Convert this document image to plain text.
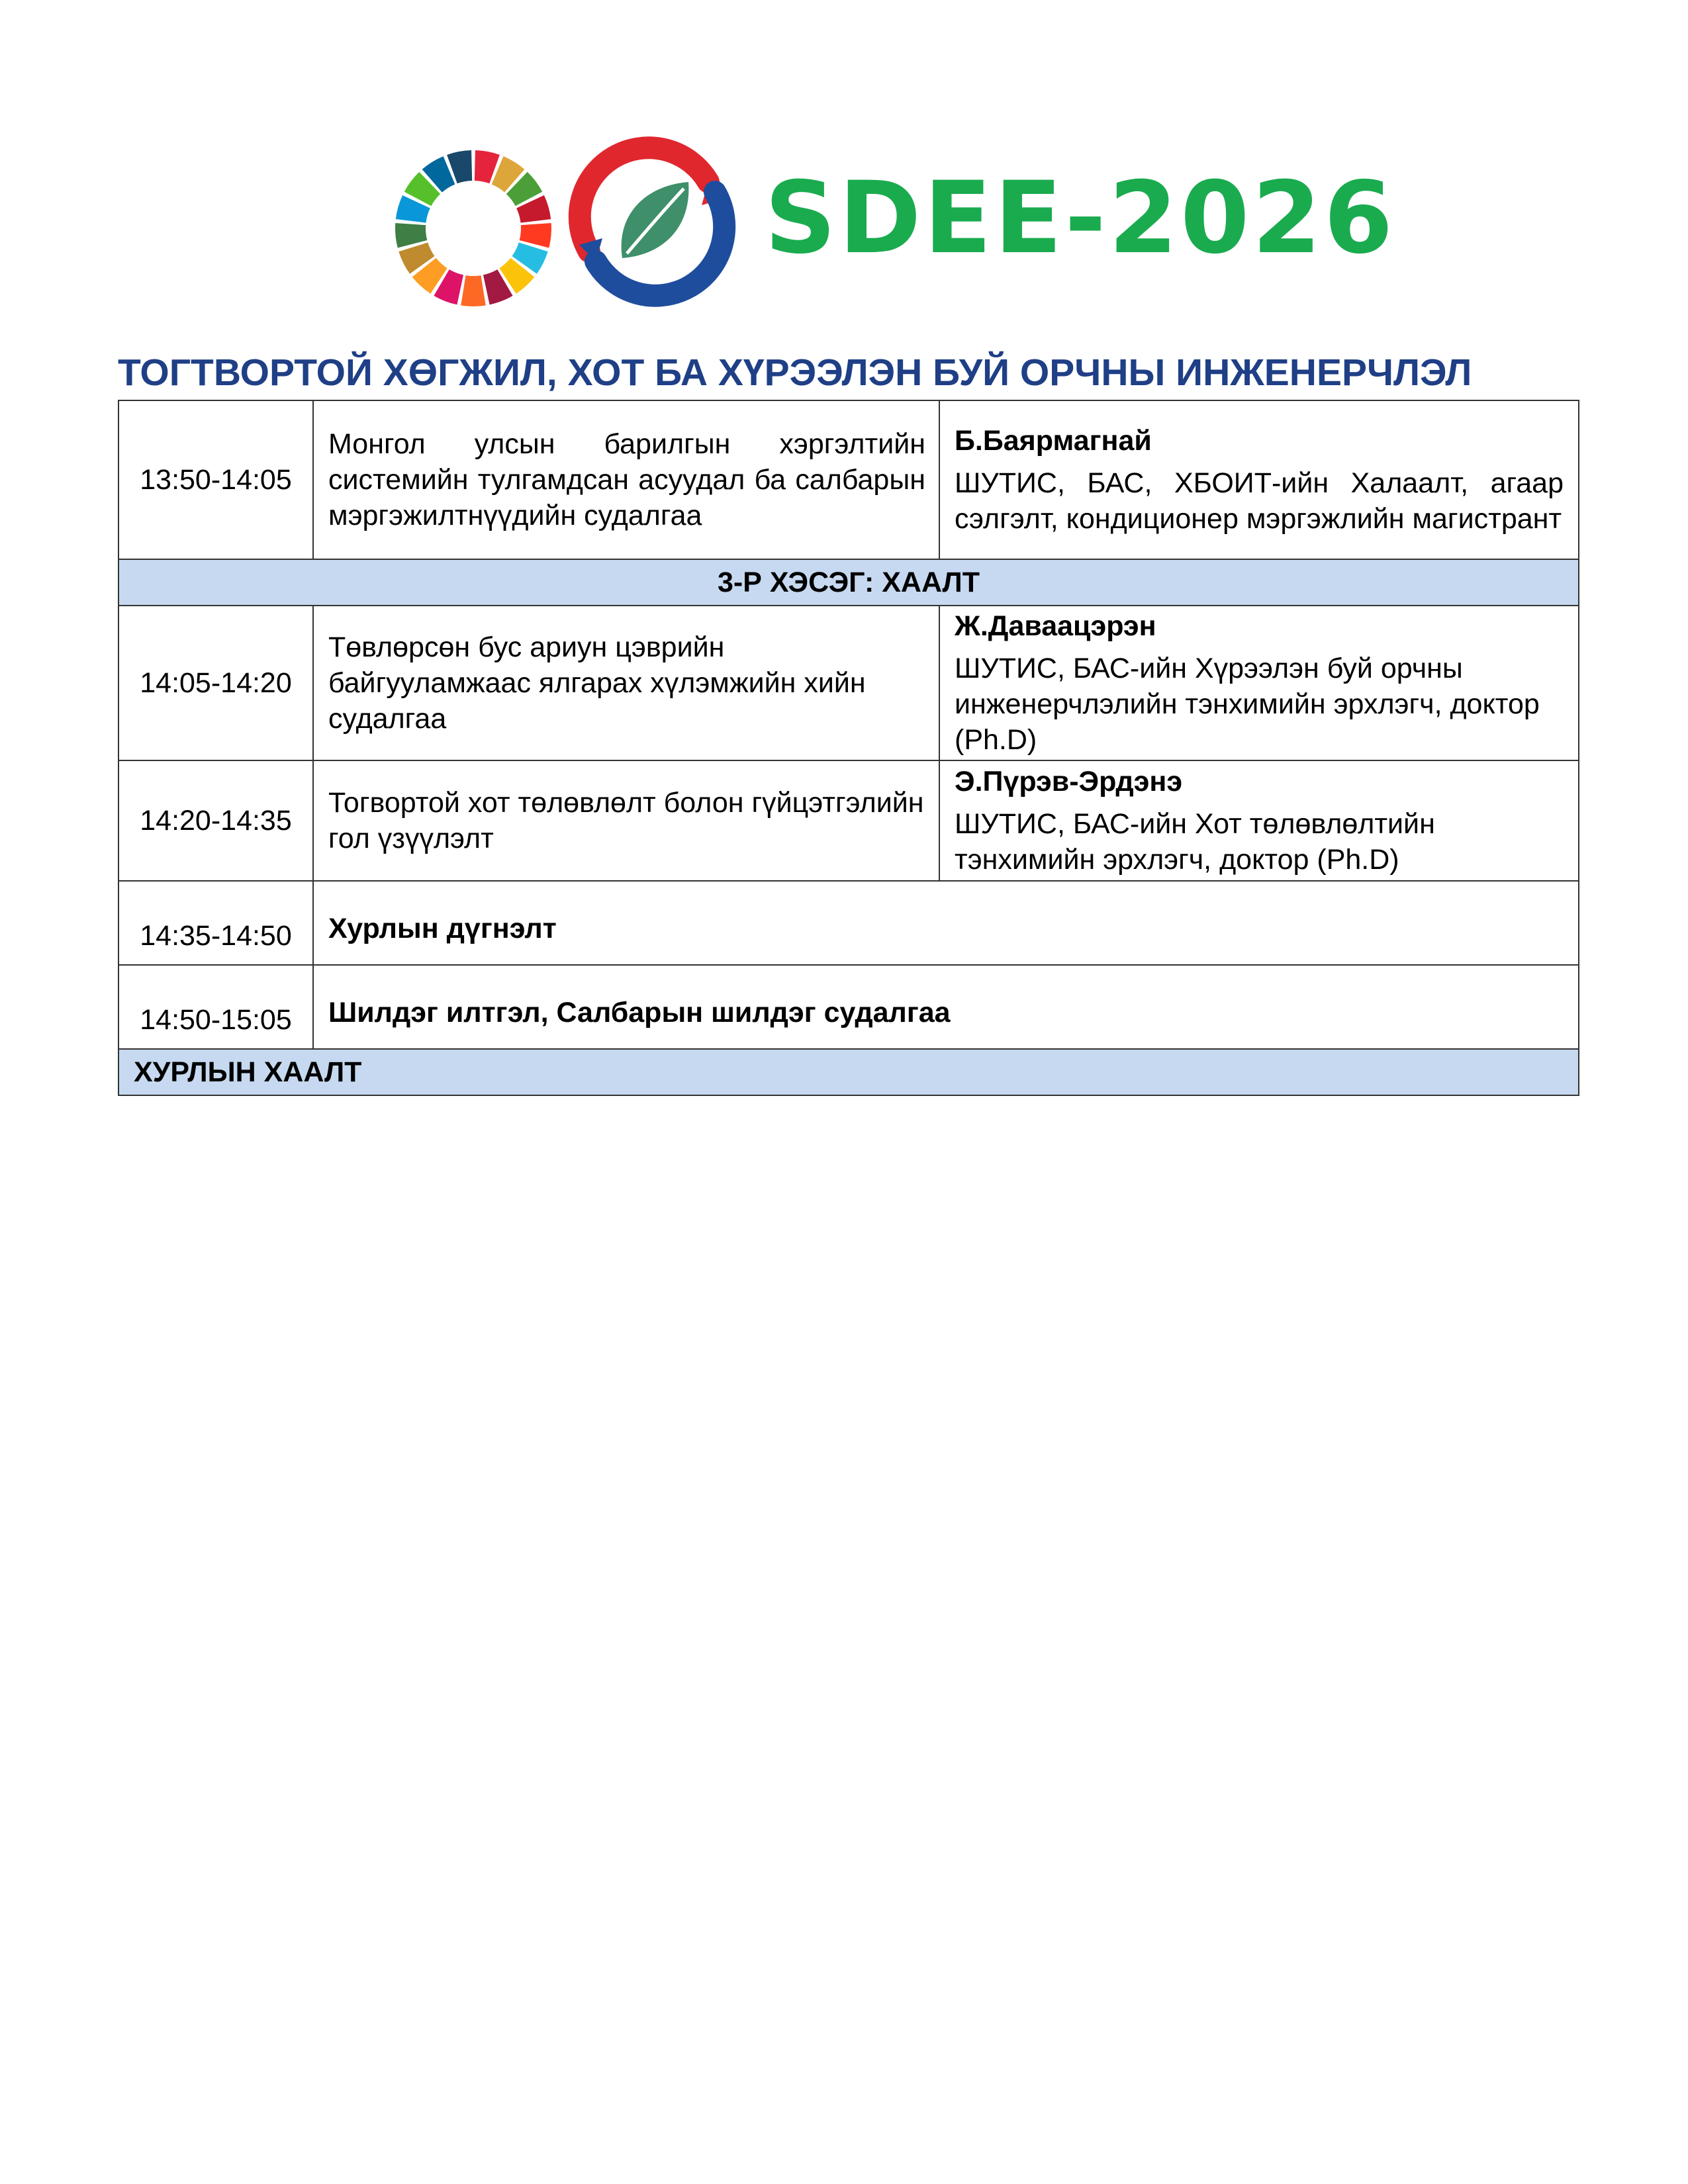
SDEE-2026
ТОГТВОРТОЙ ХӨГЖИЛ, ХОТ БА ХҮРЭЭЛЭН БУЙ ОРЧНЫ ИНЖЕНЕРЧЛЭЛ
13:50-14:05	Монгол улсын барилгын хэргэлтийн системийн тулгамдсан асуудал ба салбарын мэргэжилтнүүдийн судалгаа	Б.Баярмагнай
ШУТИС, БАС, ХБОИТ-ийн Халаалт, агаар сэлгэлт, кондиционер мэргэжлийн магистрант

3-Р ХЭСЭГ: ХААЛТ		
14:05-14:20	Төвлөрсөн бус ариун цэврийн байгууламжаас ялгарах хүлэмжийн хийн судалгаа	Ж.Даваацэрэн
ШУТИС, БАС-ийн Хүрээлэн буй орчны инженерчлэлийн тэнхимийн эрхлэгч, доктор (Ph.D)

14:20-14:35	Тогвортой хот төлөвлөлт болон гүйцэтгэлийн гол үзүүлэлт	Э.Пүрэв-Эрдэнэ
ШУТИС, БАС-ийн Хот төлөвлөлтийн тэнхимийн эрхлэгч, доктор (Ph.D)

14:35-14:50	Хурлын дүгнэлт	
14:50-15:05	Шилдэг илтгэл, Салбарын шилдэг судалгаа	
ХУРЛЫН ХААЛТ		
